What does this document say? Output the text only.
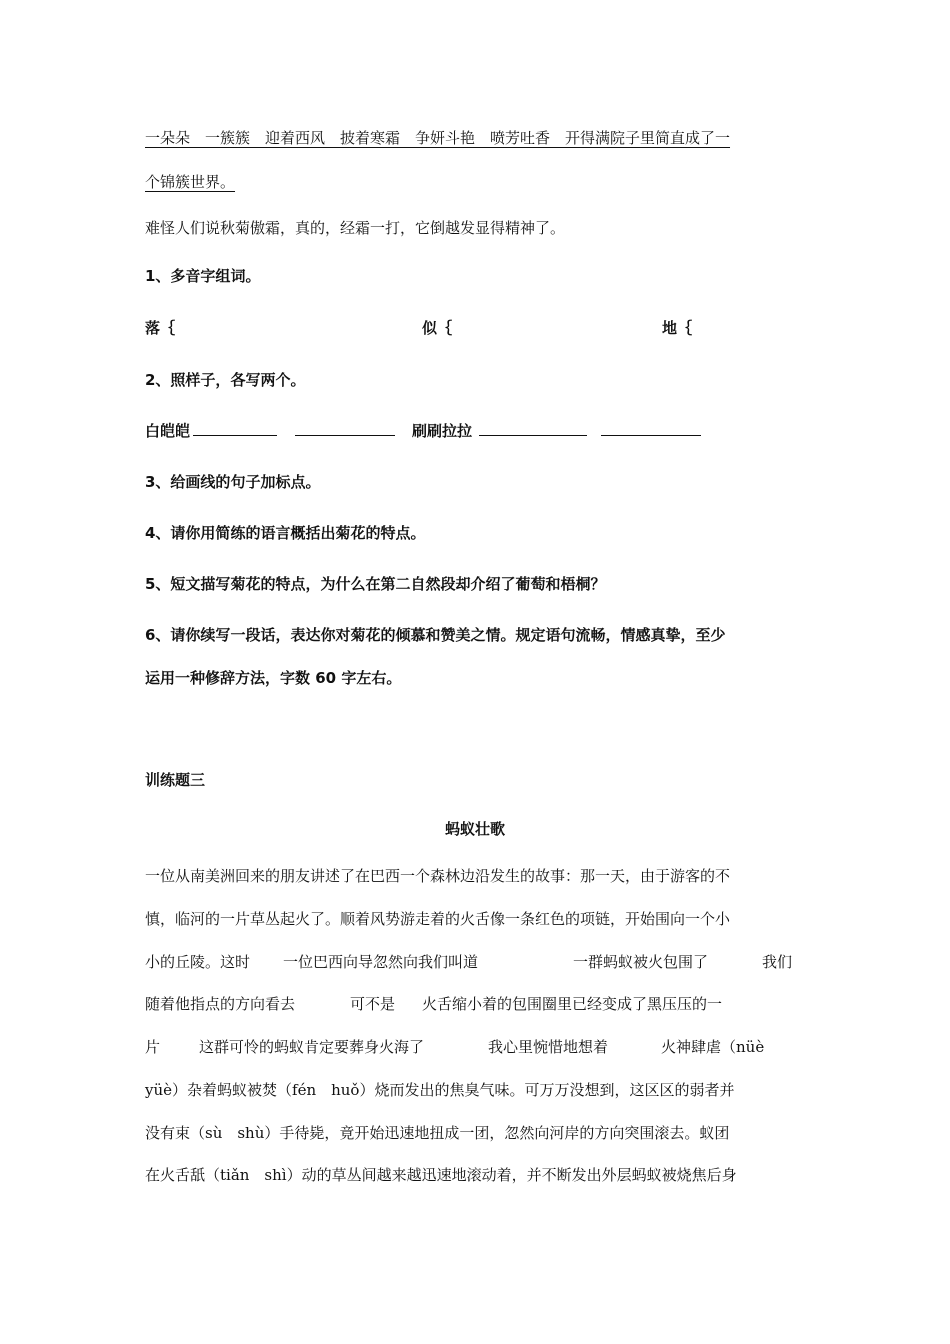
一朵朵　一簇簇　迎着西风　披着寒霜　争妍斗艳　喷芳吐香　开得满院子里简直成了一
个锦簇世界。
难怪人们说秋菊傲霜，真的，经霜一打，它倒越发显得精神了。
1、多音字组词。
落｛	似｛	地｛
2、照样子，各写两个。
白皑皑	刷刷拉拉
3、给画线的句子加标点。
4、请你用简练的语言概括出菊花的特点。
5、短文描写菊花的特点，为什么在第二自然段却介绍了葡萄和梧桐？
6、请你续写一段话，表达你对菊花的倾慕和赞美之情。规定语句流畅，情感真挚，至少
运用一种修辞方法，字数 60 字左右。
训练题三
蚂蚁壮歌
一位从南美洲回来的朋友讲述了在巴西一个森林边沿发生的故事：那一天，由于游客的不
慎，临河的一片草丛起火了。顺着风势游走着的火舌像一条红色的项链，开始围向一个小
小的丘陵。这时 一位巴西向导忽然向我们叫道	一群蚂蚁被火包围了	我们
随着他指点的方向看去	可不是 火舌缩小着的包围圈里已经变成了黑压压的一
片	这群可怜的蚂蚁肯定要葬身火海了	我心里惋惜地想着	火神肆虐（nüè
yüè）杂着蚂蚁被焚（fén　huǒ）烧而发出的焦臭气味。可万万没想到，这区区的弱者并
没有束（sù　shù）手待毙，竟开始迅速地扭成一团，忽然向河岸的方向突围滚去。蚁团
在火舌舐（tiǎn　shì）动的草丛间越来越迅速地滚动着，并不断发出外层蚂蚁被烧焦后身
